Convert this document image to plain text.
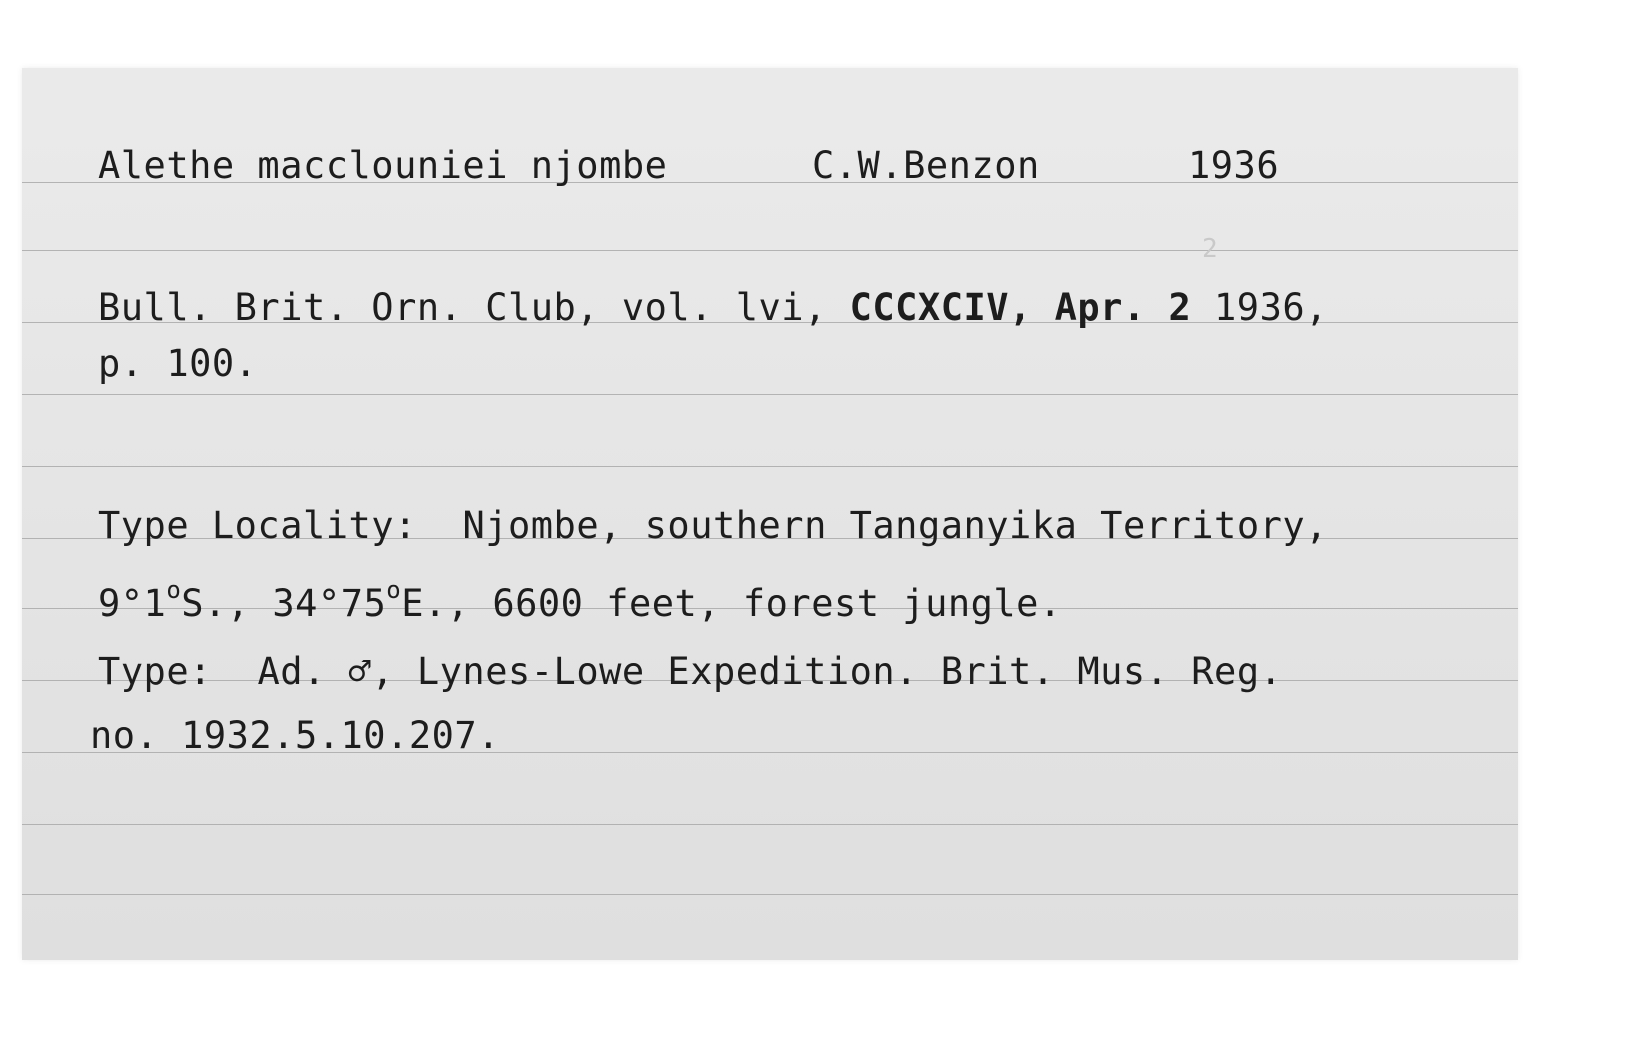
Alethe macclouniei njombe	C.W.Benzon	1936
Bull. Brit. Orn. Club, vol. lvi, CCCXCIV, Apr. 2 1936,
p. 100.
Type Locality: Njombe, southern Tanganyika Territory,
9°1$^o$S., 34°75$^o$E., 6600 feet, forest jungle.
Type: Ad. ♂, Lynes-Lowe Expedition. Brit. Mus. Reg.
no. 1932.5.10.207.
2
